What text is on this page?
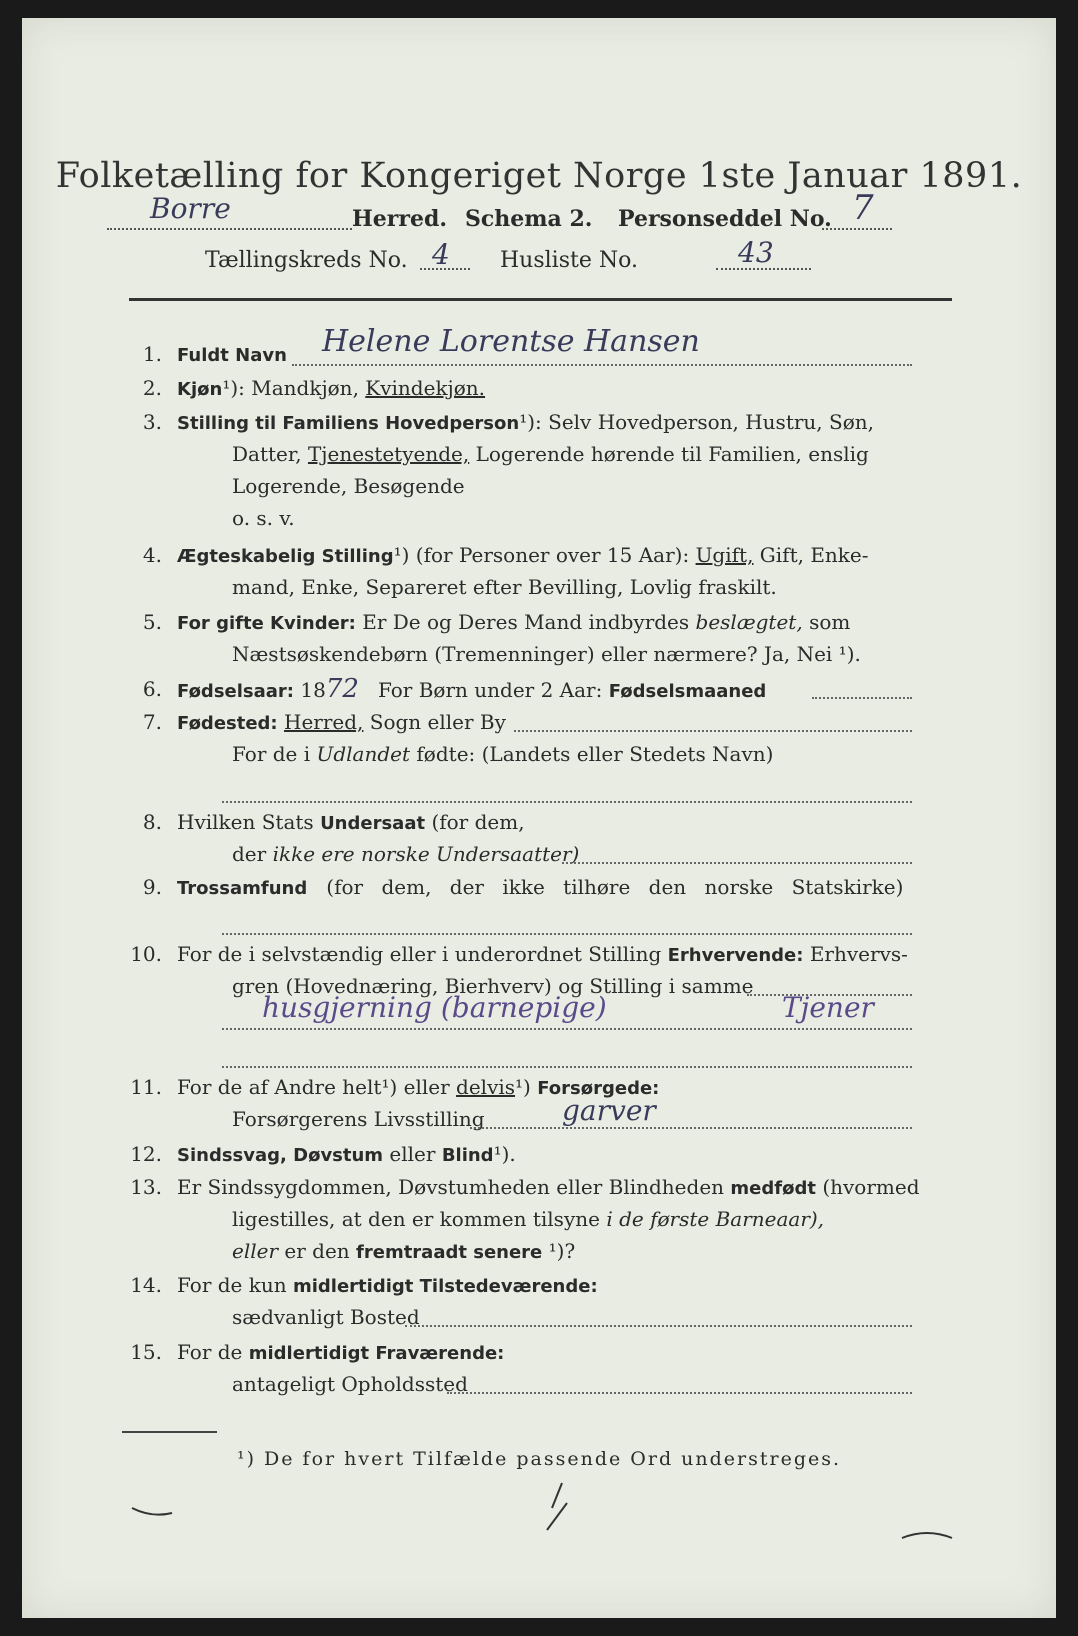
Folketælling for Kongeriget Norge 1ste Januar 1891.
Borre	Herred. Schema 2. Personseddel No. 7
Tællingskreds No. 4 Husliste No.	43
1. Fuldt Navn Helene Lorentse Hansen
2. Kjøn¹): Mandkjøn, Kvindekjøn.
3. Stilling til Familiens Hovedperson¹): Selv Hovedperson, Hustru, Søn,
Datter, Tjenestetyende, Logerende hørende til Familien, enslig
Logerende, Besøgende
o. s. v.
4. Ægteskabelig Stilling¹) (for Personer over 15 Aar): Ugift, Gift, Enke-
mand, Enke, Separeret efter Bevilling, Lovlig fraskilt.
5. For gifte Kvinder: Er De og Deres Mand indbyrdes beslægtet, som
Næstsøskendebørn (Tremenninger) eller nærmere? Ja, Nei ¹).
6. Fødselsaar: 1872 For Børn under 2 Aar: Fødselsmaaned
7. Fødested: Herred, Sogn eller By
For de i Udlandet fødte: (Landets eller Stedets Navn)
8. Hvilken Stats Undersaat (for dem,
der ikke ere norske Undersaatter)
9. Trossamfund (for dem, der ikke tilhøre den norske Statskirke)
10. For de i selvstændig eller i underordnet Stilling Erhvervende: Erhvervs-
gren (Hovednæring, Bierhverv) og Stilling i samme
husgjerning (barnepige)	Tjener
11. For de af Andre helt¹) eller delvis¹) Forsørgede:
Forsørgerens Livsstilling	garver
12. Sindssvag, Døvstum eller Blind¹).
13. Er Sindssygdommen, Døvstumheden eller Blindheden medfødt (hvormed
ligestilles, at den er kommen tilsyne i de første Barneaar),
eller er den fremtraadt senere ¹)?
14. For de kun midlertidigt Tilstedeværende:
sædvanligt Bosted
15. For de midlertidigt Fraværende:
antageligt Opholdssted
¹) De for hvert Tilfælde passende Ord understreges.
